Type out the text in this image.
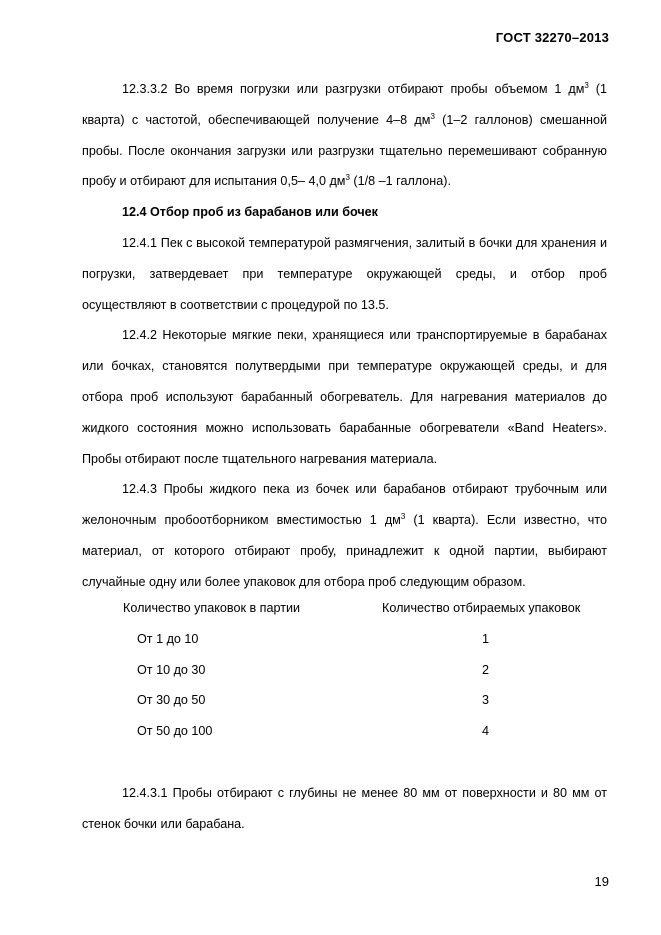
ГОСТ 32270–2013

12.3.3.2 Во время погрузки или разгрузки отбирают пробы объемом 1 $дм^3$ (1 кварта) с частотой, обеспечивающей получение 4–8 $дм^3$ (1–2 галлонов) смешанной пробы. После окончания загрузки или разгрузки тщательно перемешивают собранную пробу и отбирают для испытания 0,5– 4,0 $дм^3$ (1/8 –1 галлона).

12.4 Отбор проб из барабанов или бочек

12.4.1 Пек с высокой температурой размягчения, залитый в бочки для хранения и погрузки, затвердевает при температуре окружающей среды, и отбор проб осуществляют в соответствии с процедурой по 13.5.

12.4.2 Некоторые мягкие пеки, хранящиеся или транспортируемые в барабанах или бочках, становятся полутвердыми при температуре окружающей среды, и для отбора проб используют барабанный обогреватель. Для нагревания материалов до жидкого состояния можно использовать барабанные обогреватели «Band Heaters». Пробы отбирают после тщательного нагревания материала.

12.4.3 Пробы жидкого пека из бочек или барабанов отбирают трубочным или желоночным пробоотборником вместимостью 1 $дм^3$ (1 кварта). Если известно, что материал, от которого отбирают пробу, принадлежит к одной партии, выбирают случайные одну или более упаковок для отбора проб следующим образом.

Количество упаковок в партии	Количество отбираемых упаковок
От 1 до 10	1
От 10 до 30	2
От 30 до 50	3
От 50 до 100	4

12.4.3.1 Пробы отбирают с глубины не менее 80 мм от поверхности и 80 мм от стенок бочки или барабана.

19
